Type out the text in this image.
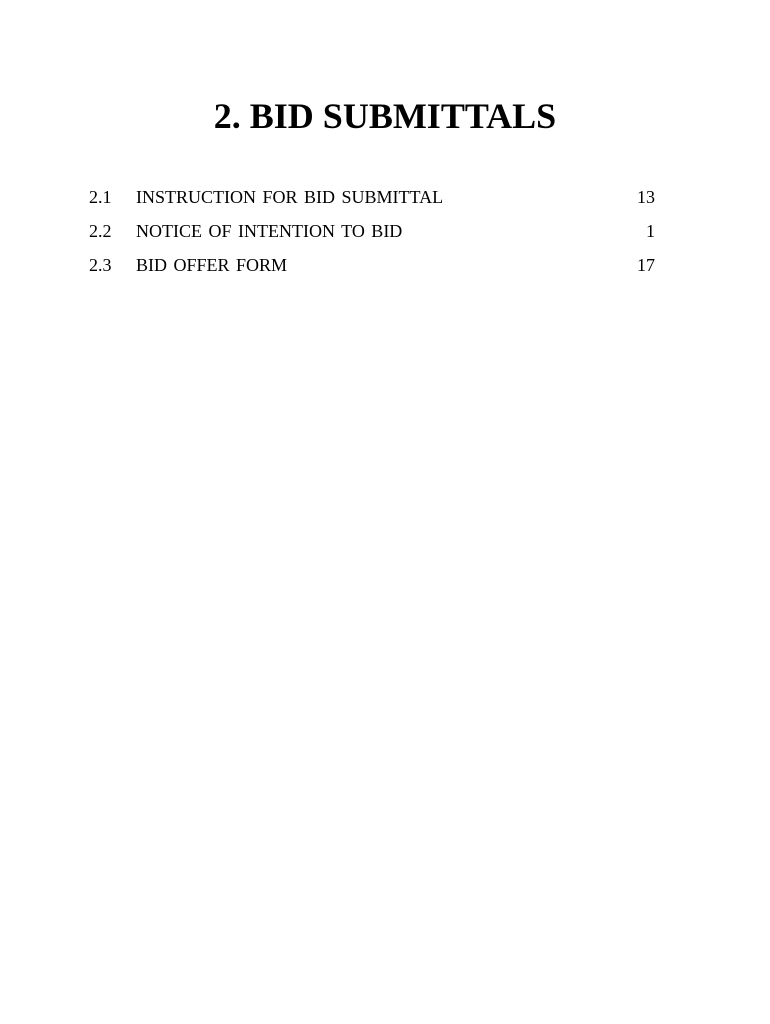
2. BID SUBMITTALS
2.1 INSTRUCTION FOR BID SUBMITTAL	13
2.2 NOTICE OF INTENTION TO BID	1
2.3 BID OFFER FORM	17
